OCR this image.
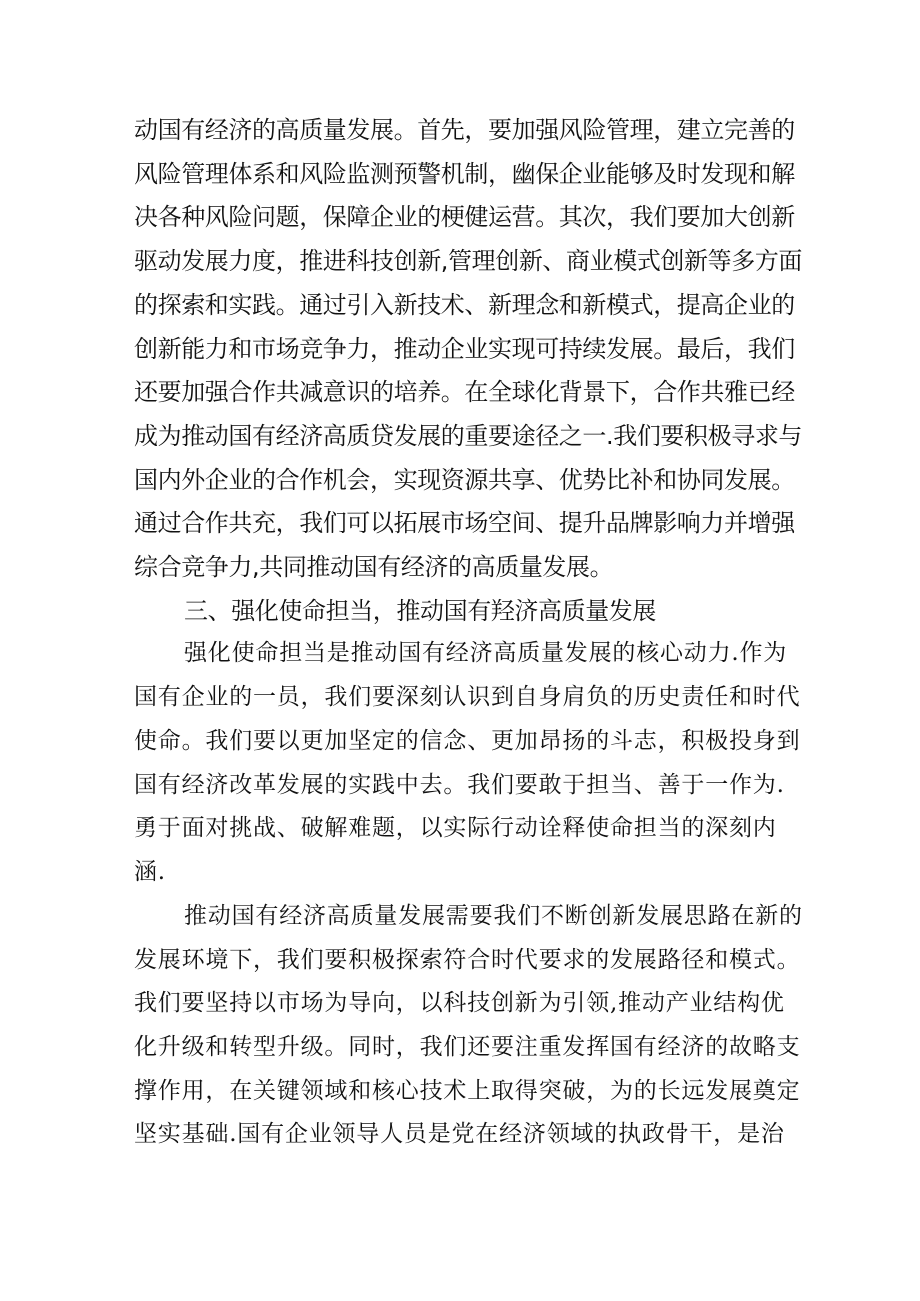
动国有经济的高质量发展。首先，要加强风险管理，建立完善的

风险管理体系和风险监测预警机制，幽保企业能够及时发现和解

决各种风险问题，保障企业的梗健运营。其次，我们要加大创新

驱动发展力度，推进科技创新,管理创新、商业模式创新等多方面

的探索和实践。通过引入新技术、新理念和新模式，提高企业的

创新能力和市场竞争力，推动企业实现可持续发展。最后，我们

还要加强合作共减意识的培养。在全球化背景下，合作共雅已经

成为推动国有经济高质贷发展的重要途径之一.我们要积极寻求与

国内外企业的合作机会，实现资源共享、优势比补和协同发展。

通过合作共充，我们可以拓展市场空间、提升品牌影响力并增强

综合竞争力,共同推动国有经济的高质量发展。

三、强化使命担当，推动国有羟济高质量发展

强化使命担当是推动国有经济高质量发展的核心动力.作为

国有企业的一员，我们要深刻认识到自身肩负的历史责任和时代

使命。我们要以更加坚定的信念、更加昂扬的斗志，积极投身到

国有经济改革发展的实践中去。我们要敢于担当、善于一作为.

勇于面对挑战、破解难题，以实际行动诠释使命担当的深刻内

涵.

推动国有经济高质量发展需要我们不断创新发展思路在新的

发展环境下，我们要积极探索符合时代要求的发展路径和模式。

我们要坚持以市场为导向，以科技创新为引领,推动产业结构优

化升级和转型升级。同时，我们还要注重发挥国有经济的故略支

撑作用，在关键领域和核心技术上取得突破，为的长远发展奠定

坚实基础.国有企业领导人员是党在经济领域的执政骨干，是治
